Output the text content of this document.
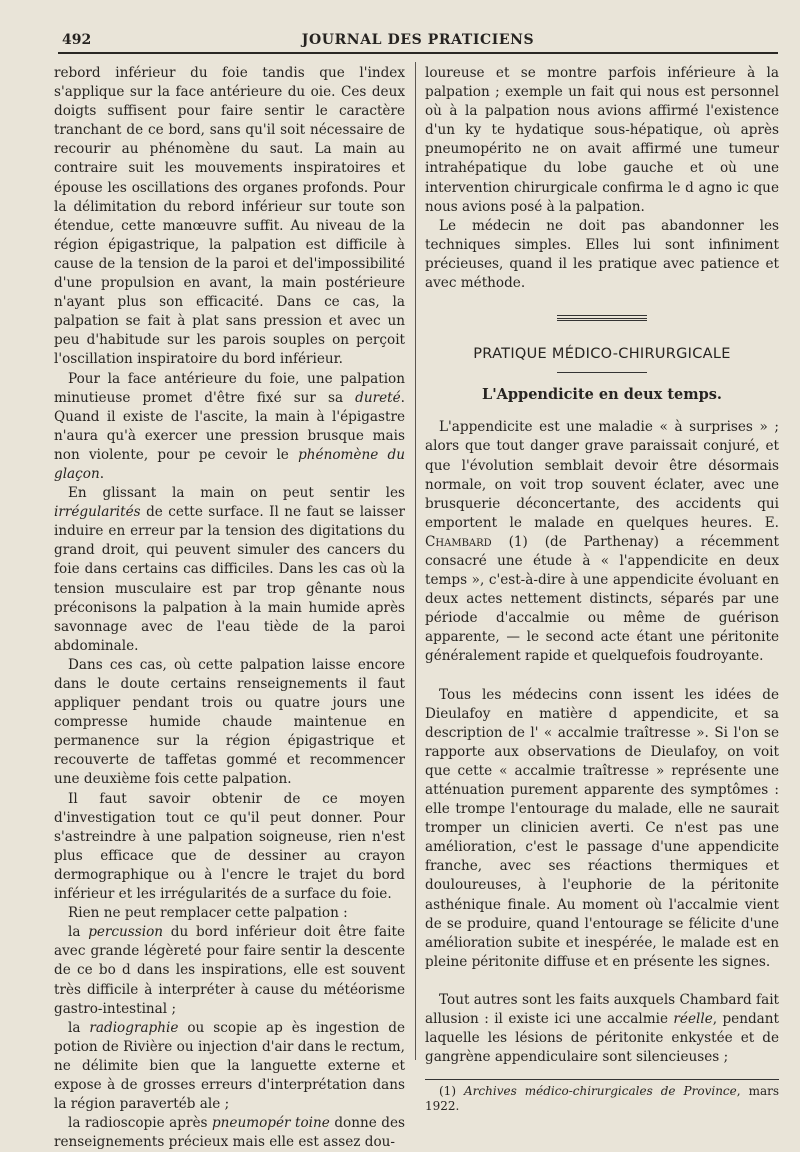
492	JOURNAL DES PRATICIENS

rebord inférieur du foie tandis que l'index s'applique sur la face antérieure du oie. Ces deux doigts suffisent pour faire sentir le caractère tranchant de ce bord, sans qu'il soit nécessaire de recourir au phénomène du saut. La main au contraire suit les mouvements inspiratoires et épouse les oscillations des organes profonds. Pour la délimitation du rebord inférieur sur toute son étendue, cette manœuvre suffit. Au niveau de la région épigastrique, la palpation est difficile à cause de la tension de la paroi et del'impossibilité d'une propulsion en avant, la main postérieure n'ayant plus son efficacité. Dans ce cas, la palpation se fait à plat sans pression et avec un peu d'habitude sur les parois souples on perçoit l'oscillation inspiratoire du bord inférieur.

Pour la face antérieure du foie, une palpation minutieuse promet d'être fixé sur sa dureté. Quand il existe de l'ascite, la main à l'épigastre n'aura qu'à exercer une pression brusque mais non violente, pour pe cevoir le phénomène du glaçon.

En glissant la main on peut sentir les irrégularités de cette surface. Il ne faut se laisser induire en erreur par la tension des digitations du grand droit, qui peuvent simuler des cancers du foie dans certains cas difficiles. Dans les cas où la tension musculaire est par trop gênante nous préconisons la palpation à la main humide après savonnage avec de l'eau tiède de la paroi abdominale.

Dans ces cas, où cette palpation laisse encore dans le doute certains renseignements il faut appliquer pendant trois ou quatre jours une compresse humide chaude maintenue en permanence sur la région épigastrique et recouverte de taffetas gommé et recommencer une deuxième fois cette palpation.

Il faut savoir obtenir de ce moyen d'investigation tout ce qu'il peut donner. Pour s'astreindre à une palpation soigneuse, rien n'est plus efficace que de dessiner au crayon dermographique ou à l'encre le trajet du bord inférieur et les irrégularités de a surface du foie.

Rien ne peut remplacer cette palpation :

la percussion du bord inférieur doit être faite avec grande légèreté pour faire sentir la descente de ce bo d dans les inspirations, elle est souvent très difficile à interpréter à cause du météorisme gastro-intestinal ;

la radiographie ou scopie ap ès ingestion de potion de Rivière ou injection d'air dans le rectum, ne délimite bien que la languette externe et expose à de grosses erreurs d'interprétation dans la région paravertéb ale ;

la radioscopie après pneumopér toine donne des renseignements précieux mais elle est assez dou-

loureuse et se montre parfois inférieure à la palpation ; exemple un fait qui nous est personnel où à la palpation nous avions affirmé l'existence d'un ky te hydatique sous-hépatique, où après pneumopérito ne on avait affirmé une tumeur intrahépatique du lobe gauche et où une intervention chirurgicale confirma le d agno ic que nous avions posé à la palpation.

Le médecin ne doit pas abandonner les techniques simples. Elles lui sont infiniment précieuses, quand il les pratique avec patience et avec méthode.

PRATIQUE MÉDICO-CHIRURGICALE
L'Appendicite en deux temps.

L'appendicite est une maladie « à surprises » ; alors que tout danger grave paraissait conjuré, et que l'évolution semblait devoir être désormais normale, on voit trop souvent éclater, avec une brusquerie déconcertante, des accidents qui emportent le malade en quelques heures. E. Chambard (1) (de Parthenay) a récemment consacré une étude à « l'appendicite en deux temps », c'est-à-dire à une appendicite évoluant en deux actes nettement distincts, séparés par une période d'accalmie ou même de guérison apparente, — le second acte étant une péritonite généralement rapide et quelquefois foudroyante.

Tous les médecins conn issent les idées de Dieulafoy en matière d appendicite, et sa description de l' « accalmie traîtresse ». Si l'on se rapporte aux observations de Dieulafoy, on voit que cette « accalmie traîtresse » représente une atténuation purement apparente des symptômes : elle trompe l'entourage du malade, elle ne saurait tromper un clinicien averti. Ce n'est pas une amélioration, c'est le passage d'une appendicite franche, avec ses réactions thermiques et douloureuses, à l'euphorie de la péritonite asthénique finale. Au moment où l'accalmie vient de se produire, quand l'entourage se félicite d'une amélioration subite et inespérée, le malade est en pleine péritonite diffuse et en présente les signes.

Tout autres sont les faits auxquels Chambard fait allusion : il existe ici une accalmie réelle, pendant laquelle les lésions de péritonite enkystée et de gangrène appendiculaire sont silencieuses ;

(1) Archives médico-chirurgicales de Province, mars 1922.
